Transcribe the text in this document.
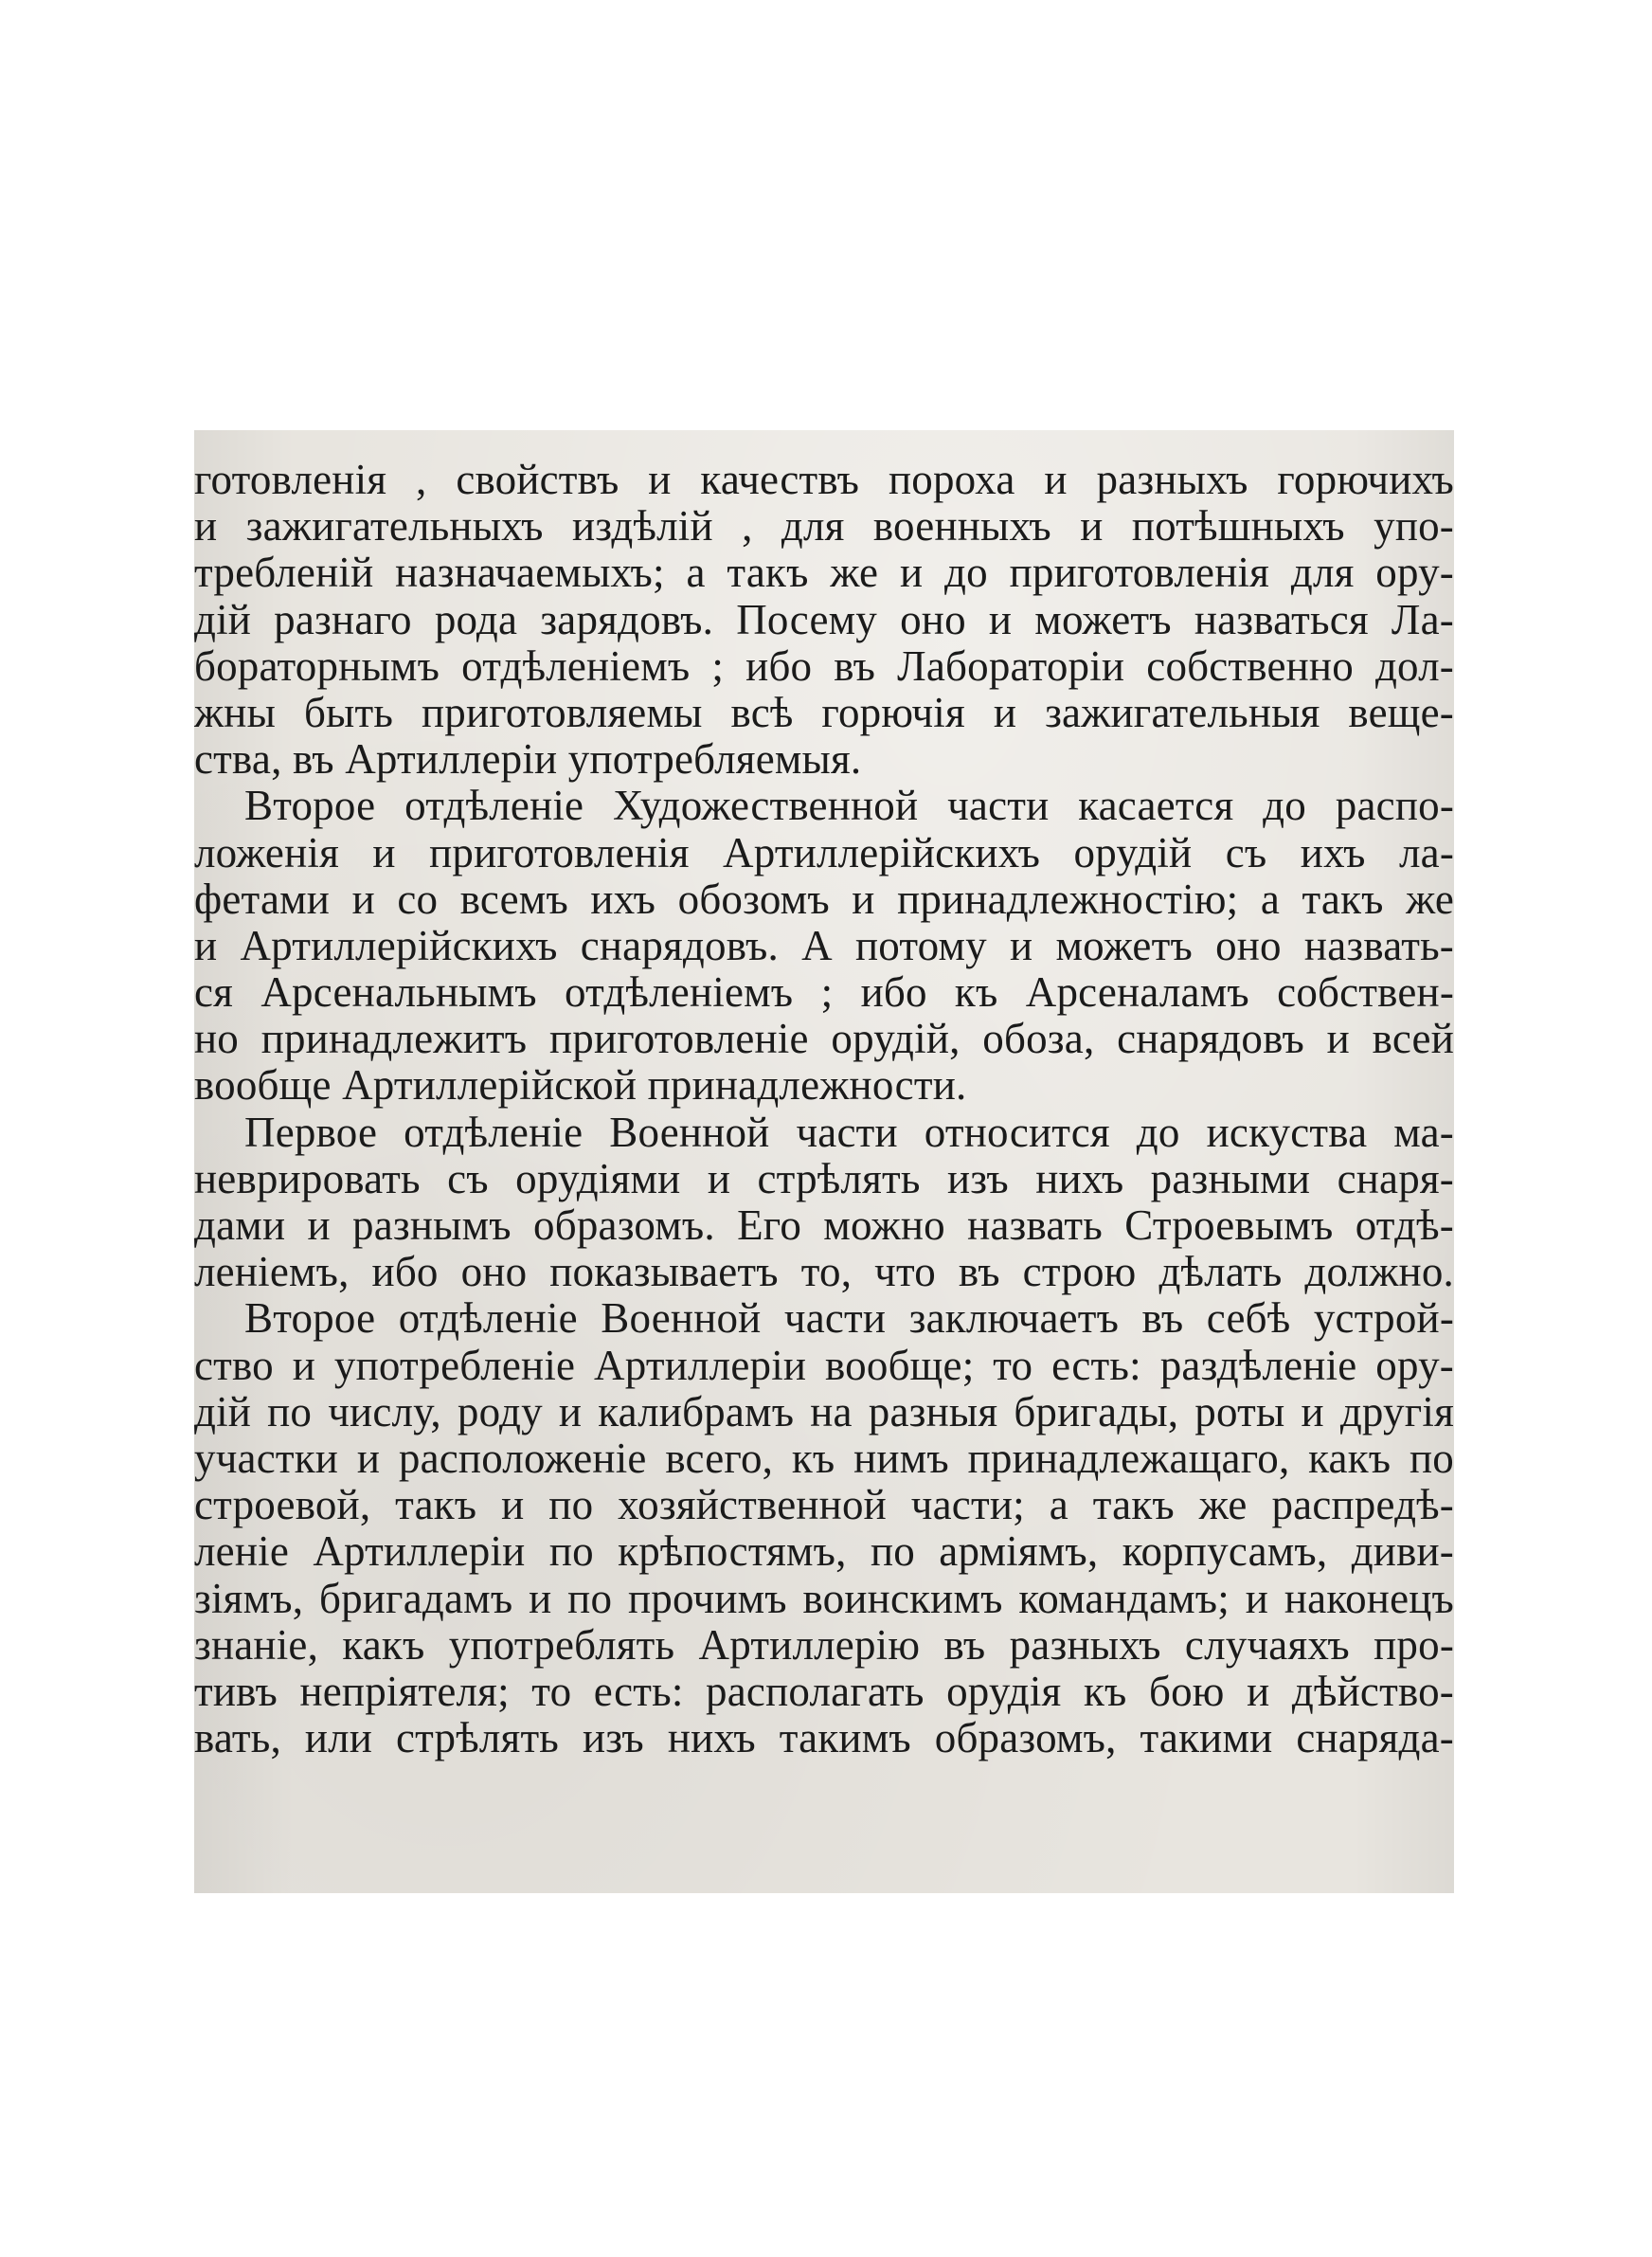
готовленія , свойствъ и качествъ пороха и разныхъ горючихъ
и зажигательныхъ издѣлій , для военныхъ и потѣшныхъ упо-
требленій назначаемыхъ; а такъ же и до приготовленія для ору-
дій разнаго рода зарядовъ. Посему оно и можетъ назваться Ла-
бораторнымъ отдѣленіемъ ; ибо въ Лабораторіи собственно дол-
жны быть приготовляемы всѣ горючія и зажигательныя веще-
ства, въ Артиллеріи употребляемыя.
Второе отдѣленіе Художественной части касается до распо-
ложенія и приготовленія Артиллерійскихъ орудій съ ихъ ла-
фетами и со всемъ ихъ обозомъ и принадлежностію; а такъ же
и Артиллерійскихъ снарядовъ. А потому и можетъ оно назвать-
ся Арсенальнымъ отдѣленіемъ ; ибо къ Арсеналамъ собствен-
но принадлежитъ приготовленіе орудій, обоза, снарядовъ и всей
вообще Артиллерійской принадлежности.
Первое отдѣленіе Военной части относится до искуства ма-
неврировать съ орудіями и стрѣлять изъ нихъ разными снаря-
дами и разнымъ образомъ. Его можно назвать Строевымъ отдѣ-
леніемъ, ибо оно показываетъ то, что въ строю дѣлать должно.
Второе отдѣленіе Военной части заключаетъ въ себѣ устрой-
ство и употребленіе Артиллеріи вообще; то есть: раздѣленіе ору-
дій по числу, роду и калибрамъ на разныя бригады, роты и другія
участки и расположеніе всего, къ нимъ принадлежащаго, какъ по
строевой, такъ и по хозяйственной части; а такъ же распредѣ-
леніе Артиллеріи по крѣпостямъ, по арміямъ, корпусамъ, диви-
зіямъ, бригадамъ и по прочимъ воинскимъ командамъ; и наконецъ
знаніе, какъ употреблять Артиллерію въ разныхъ случаяхъ про-
тивъ непріятеля; то есть: располагать орудія къ бою и дѣйство-
вать, или стрѣлять изъ нихъ такимъ образомъ, такими снаряда-
